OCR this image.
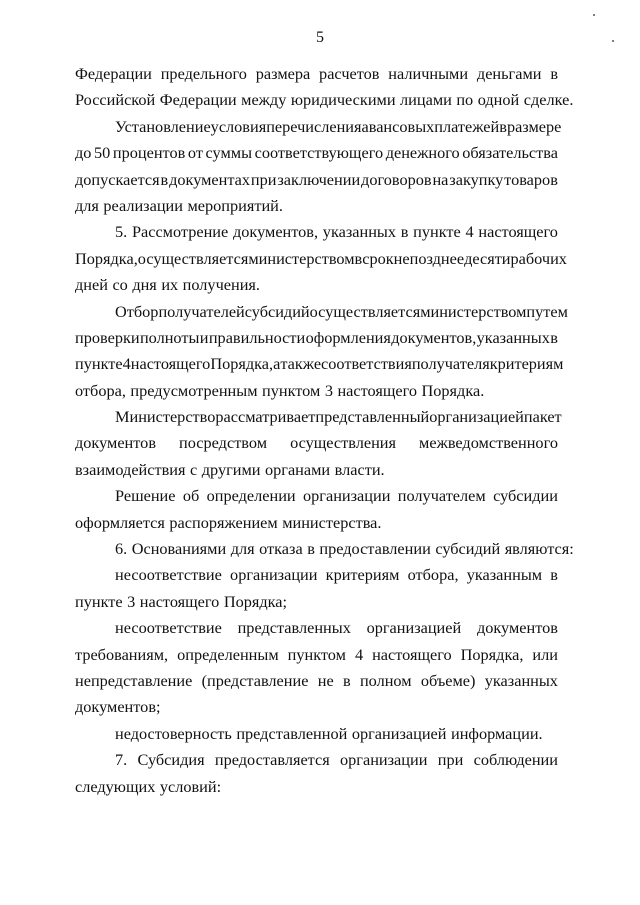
5
Федерации предельного размера расчетов наличными деньгами в
Российской Федерации между юридическими лицами по одной сделке.
Установление условия перечисления авансовых платежей в размере
до 50 процентов от суммы соответствующего денежного обязательства
допускается в документах при заключении договоров на закупку товаров
для реализации мероприятий.
5. Рассмотрение документов, указанных в пункте 4 настоящего
Порядка, осуществляется министерством в срок не позднее десяти рабочих
дней со дня их получения.
Отбор получателей субсидий осуществляется министерством путем
проверки полноты и правильности оформления документов, указанных в
пункте 4 настоящего Порядка, а также соответствия получателя критериям
отбора, предусмотренным пунктом 3 настоящего Порядка.
Министерство рассматривает представленный организацией пакет
документов посредством осуществления межведомственного
взаимодействия с другими органами власти.
Решение об определении организации получателем субсидии
оформляется распоряжением министерства.
6. Основаниями для отказа в предоставлении субсидий являются:
несоответствие организации критериям отбора, указанным в
пункте 3 настоящего Порядка;
несоответствие представленных организацией документов
требованиям, определенным пунктом 4 настоящего Порядка, или
непредставление (представление не в полном объеме) указанных
документов;
недостоверность представленной организацией информации.
7. Субсидия предоставляется организации при соблюдении
следующих условий:
